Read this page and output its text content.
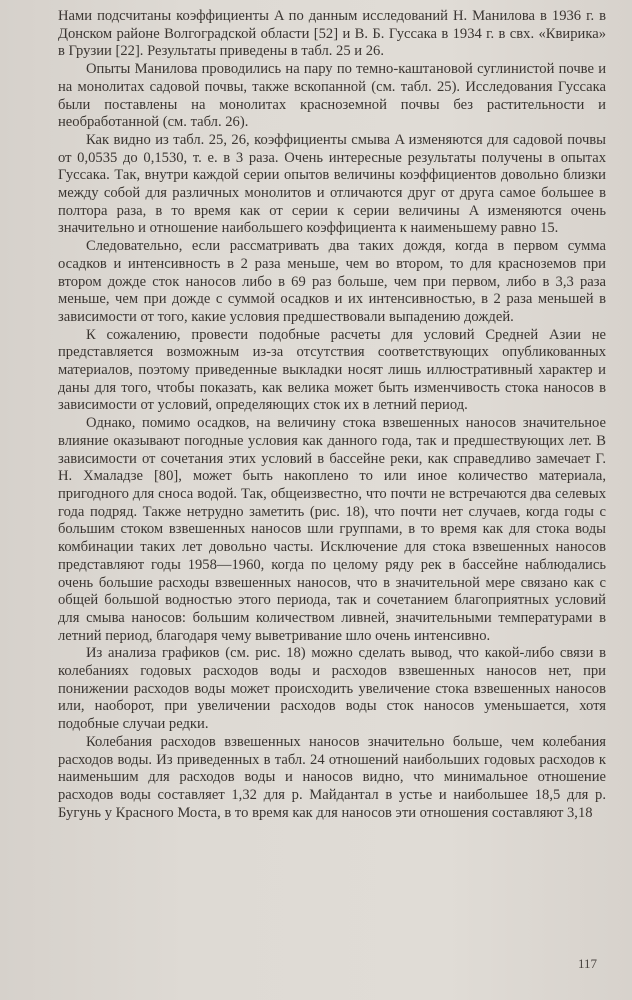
Нами подсчитаны коэффициенты A по данным исследований Н. Манилова в 1936 г. в Донском районе Волгоградской области [52] и В. Б. Гуссака в 1934 г. в свх. «Квирика» в Грузии [22]. Результаты приведены в табл. 25 и 26.

Опыты Манилова проводились на пару по темно-каштановой суглинистой почве и на монолитах садовой почвы, также вскопанной (см. табл. 25). Исследования Гуссака были поставлены на монолитах красноземной почвы без растительности и необработанной (см. табл. 26).

Как видно из табл. 25, 26, коэффициенты смыва A изменяются для садовой почвы от 0,0535 до 0,1530, т. е. в 3 раза. Очень интересные результаты получены в опытах Гуссака. Так, внутри каждой серии опытов величины коэффициентов довольно близки между собой для различных монолитов и отличаются друг от друга самое большее в полтора раза, в то время как от серии к серии величины A изменяются очень значительно и отношение наибольшего коэффициента к наименьшему равно 15.

Следовательно, если рассматривать два таких дождя, когда в первом сумма осадков и интенсивность в 2 раза меньше, чем во втором, то для красноземов при втором дожде сток наносов либо в 69 раз больше, чем при первом, либо в 3,3 раза меньше, чем при дожде с суммой осадков и их интенсивностью, в 2 раза меньшей в зависимости от того, какие условия предшествовали выпадению дождей.

К сожалению, провести подобные расчеты для условий Средней Азии не представляется возможным из-за отсутствия соответствующих опубликованных материалов, поэтому приведенные выкладки носят лишь иллюстративный характер и даны для того, чтобы показать, как велика может быть изменчивость стока наносов в зависимости от условий, определяющих сток их в летний период.

Однако, помимо осадков, на величину стока взвешенных наносов значительное влияние оказывают погодные условия как данного года, так и предшествующих лет. В зависимости от сочетания этих условий в бассейне реки, как справедливо замечает Г. Н. Хмаладзе [80], может быть накоплено то или иное количество материала, пригодного для сноса водой. Так, общеизвестно, что почти не встречаются два селевых года подряд. Также нетрудно заметить (рис. 18), что почти нет случаев, когда годы с большим стоком взвешенных наносов шли группами, в то время как для стока воды комбинации таких лет довольно часты. Исключение для стока взвешенных наносов представляют годы 1958—1960, когда по целому ряду рек в бассейне наблюдались очень большие расходы взвешенных наносов, что в значительной мере связано как с общей большой водностью этого периода, так и сочетанием благоприятных условий для смыва наносов: большим количеством ливней, значительными температурами в летний период, благодаря чему выветривание шло очень интенсивно.

Из анализа графиков (см. рис. 18) можно сделать вывод, что какой-либо связи в колебаниях годовых расходов воды и расходов взвешенных наносов нет, при понижении расходов воды может происходить увеличение стока взвешенных наносов или, наоборот, при увеличении расходов воды сток наносов уменьшается, хотя подобные случаи редки.

Колебания расходов взвешенных наносов значительно больше, чем колебания расходов воды. Из приведенных в табл. 24 отношений наибольших годовых расходов к наименьшим для расходов воды и наносов видно, что минимальное отношение расходов воды составляет 1,32 для р. Майдантал в устье и наибольшее 18,5 для р. Бугунь у Красного Моста, в то время как для наносов эти отношения составляют 3,18

117
